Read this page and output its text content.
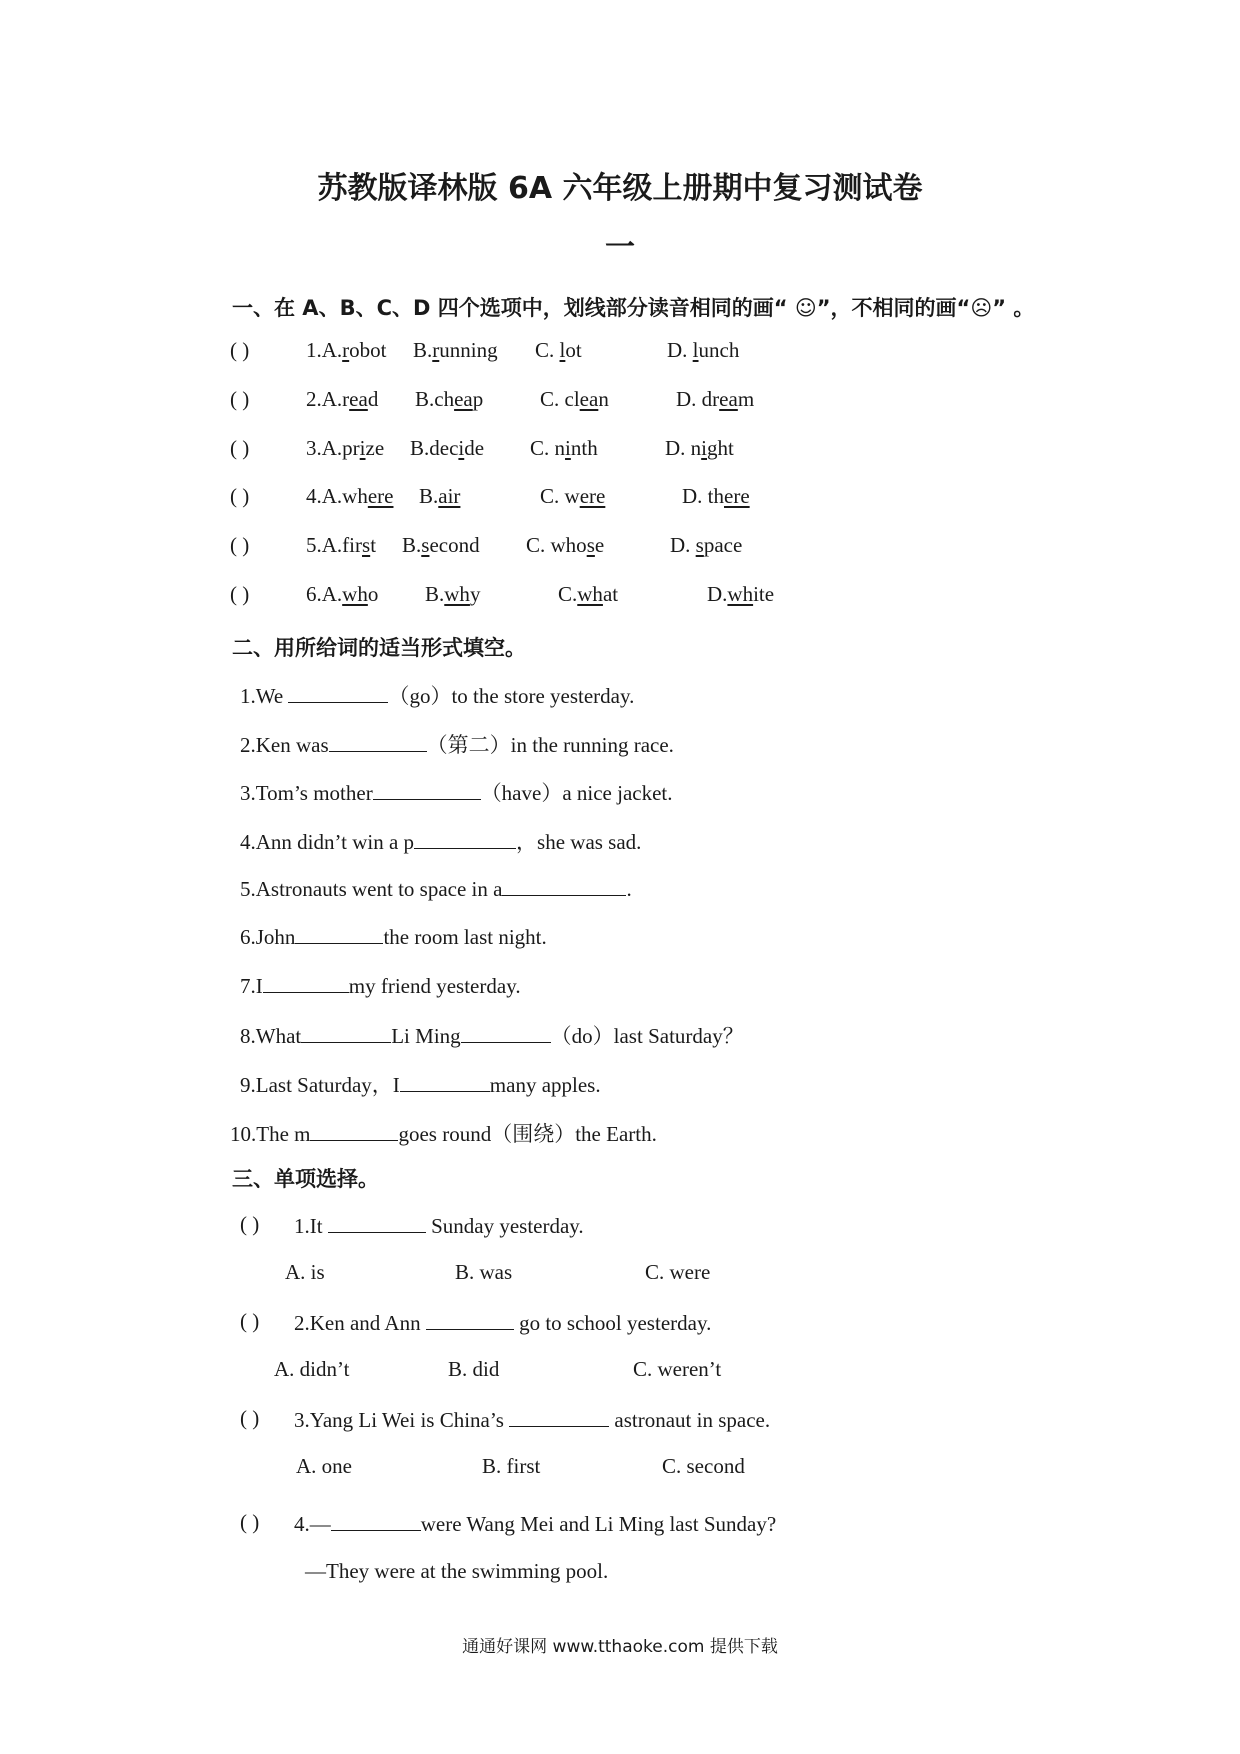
苏教版译林版 6A 六年级上册期中复习测试卷
一
一、在 A、B、C、D 四个选项中，划线部分读音相同的画“ ☺”，不相同的画“☹” 。
( )	1.A.robot B.running C. lot	D. lunch
( )	2.A.read B.cheap	C. clean	D. dream
( )	3.A.prize B.decide C. ninth	D. night
( )	4.A.where B.air	C. were	D. there
( )	5.A.first B.second C. whose	D. space
( )	6.A.who B.why	C.what	D.white
二、用所给词的适当形式填空。
1.We	（go）to the store yesterday.
2.Ken was	（第二）in the running race.
3.Tom’s mother	（have）a nice jacket.
4.Ann didn’t win a p	，she was sad.
5.Astronauts went to space in a	.
6.John	the room last night.
7.I	my friend yesterday.
8.What	Li Ming	（do）last Saturday？
9.Last Saturday，I	many apples.
10.The m	goes round（围绕）the Earth.
三、单项选择。
( ) 1.It	Sunday yesterday.
A. is	B. was	C. were
( ) 2.Ken and Ann	go to school yesterday.
A. didn’t	B. did	C. weren’t
( ) 3.Yang Li Wei is China’s	astronaut in space.
A. one	B. first	C. second
( ) 4.—	were Wang Mei and Li Ming last Sunday?
—They were at the swimming pool.
通通好课网 www.tthaoke.com 提供下载
